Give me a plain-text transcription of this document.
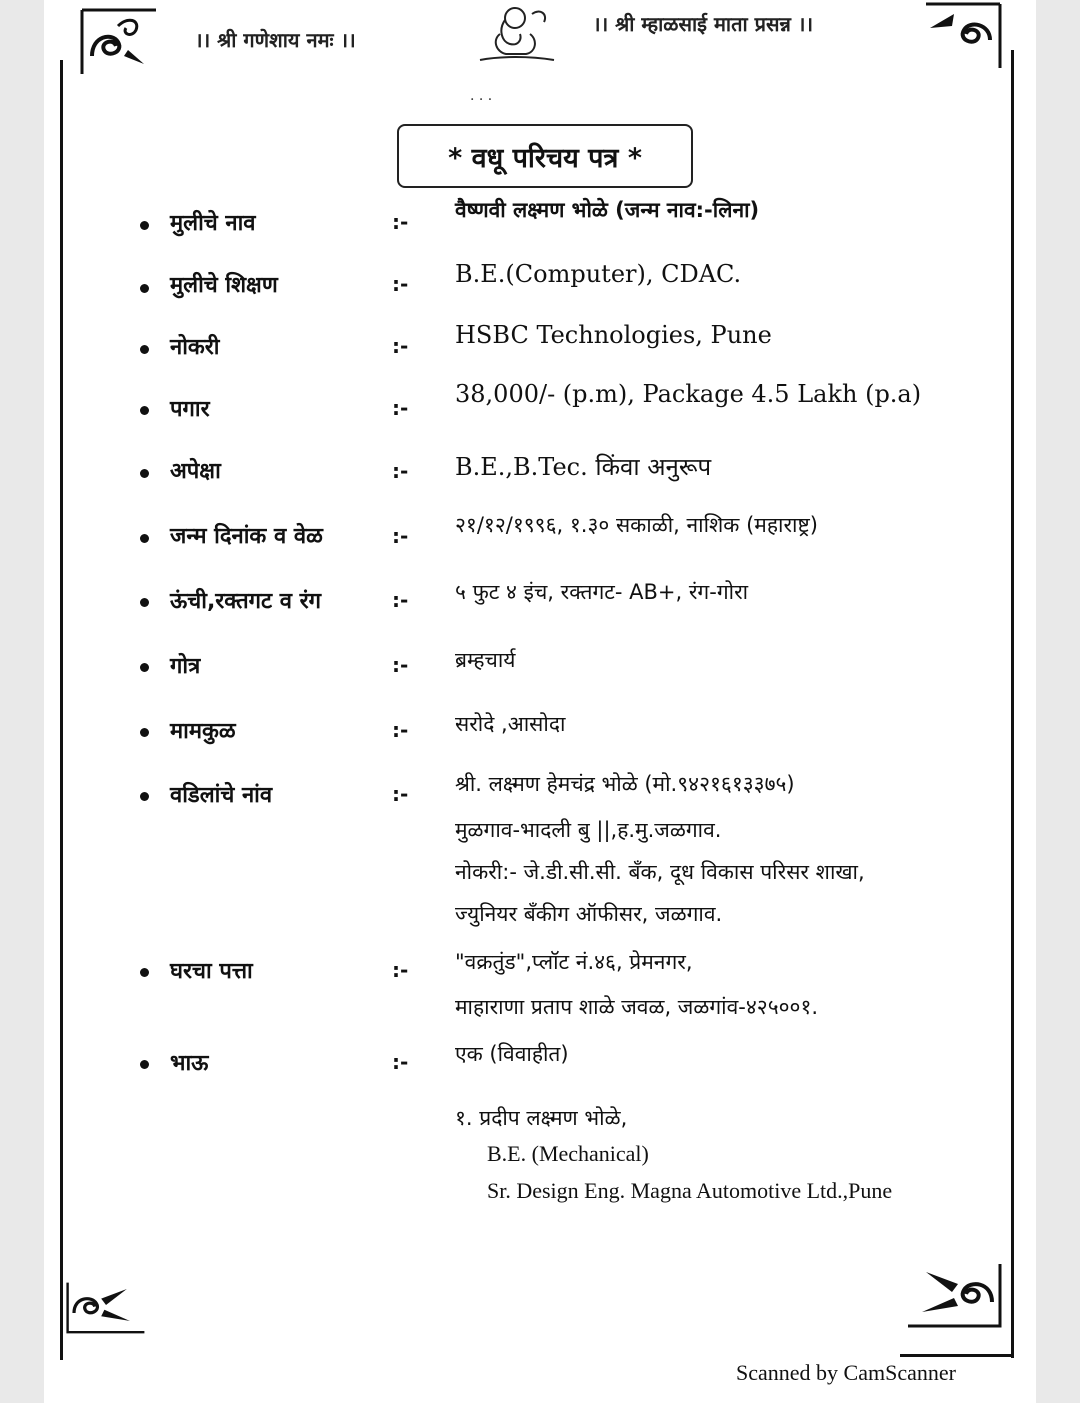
।। श्री गणेशाय नमः ।।
।। श्री म्हाळसाई माता प्रसन्न ।।
· · ·
* वधू परिचय पत्र *
मुलीचे नाव	:- वैष्णवी लक्ष्मण भोळे (जन्म नाव:-लिना)
मुलीचे शिक्षण	:- B.E.(Computer), CDAC.
नोकरी	:- HSBC Technologies, Pune
पगार	:- 38,000/- (p.m), Package 4.5 Lakh (p.a)
अपेक्षा	:- B.E.,B.Tec. किंवा अनुरूप
जन्म दिनांक व वेळ	:- २१/१२/१९९६, १.३० सकाळी, नाशिक (महाराष्ट्र)
ऊंची,रक्तगट व रंग	:- ५ फुट ४ इंच, रक्तगट- AB+, रंग-गोरा
गोत्र	:- ब्रम्हचार्य
मामकुळ	:- सरोदे ,आसोदा
वडिलांचे नांव	:- श्री. लक्ष्मण हेमचंद्र भोळे (मो.९४२१६१३३७५)
मुळगाव-भादली बु ||,ह.मु.जळगाव.
नोकरी:- जे.डी.सी.सी. बँक, दूध विकास परिसर शाखा,
ज्युनियर बँकीग ऑफीसर, जळगाव.
घरचा पत्ता	:- "वक्रतुंड",प्लॉट नं.४६, प्रेमनगर,
माहाराणा प्रताप शाळे जवळ, जळगांव-४२५००१.
भाऊ	:- एक (विवाहीत)
१. प्रदीप लक्ष्मण भोळे,
B.E. (Mechanical)
Sr. Design Eng. Magna Automotive Ltd.,Pune
Scanned by CamScanner
